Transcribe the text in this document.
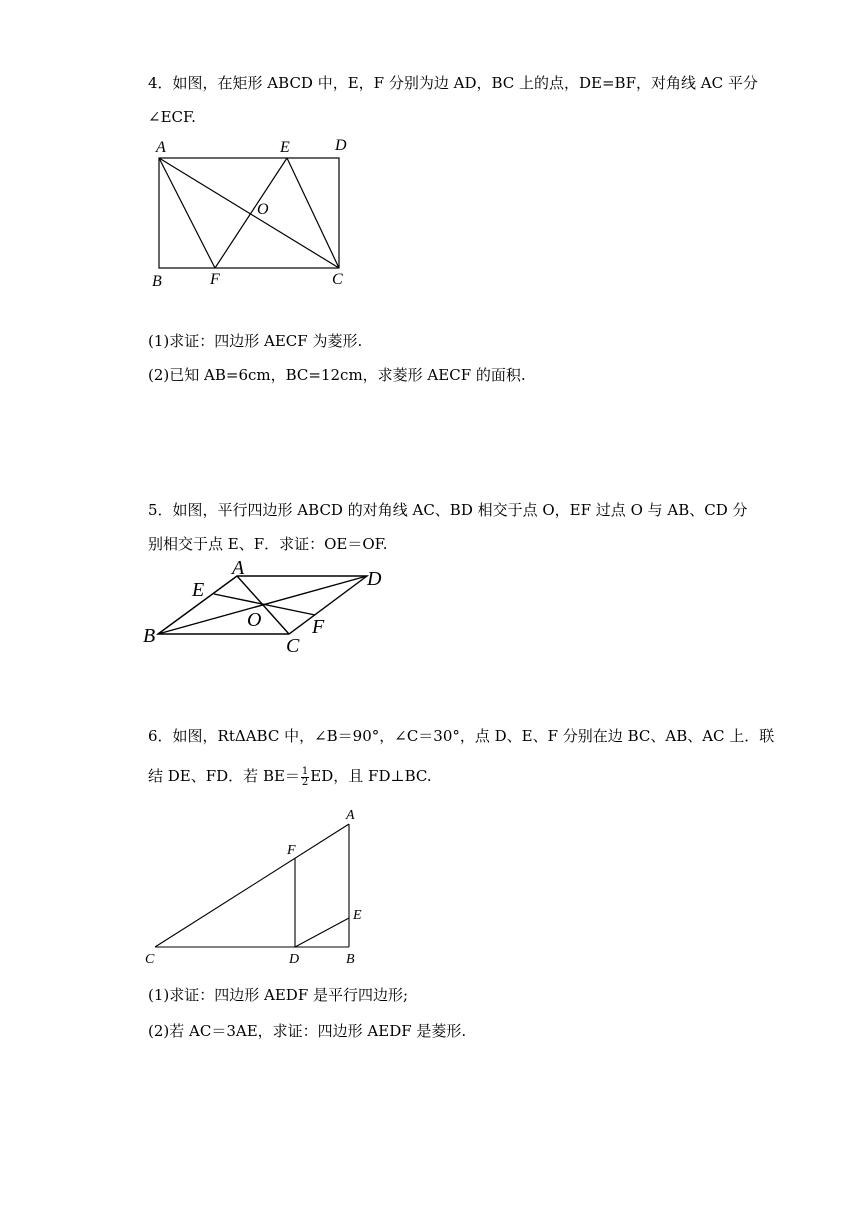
4．如图，在矩形 ABCD 中，E，F 分别为边 AD，BC 上的点，DE=BF，对角线 AC 平分
∠ECF.
A	E	D
O
B	F	C
(1)求证：四边形 AECF 为菱形.
(2)已知 AB=6cm，BC=12cm，求菱形 AECF 的面积.
5．如图，平行四边形 ABCD 的对角线 AC、BD 相交于点 O，EF 过点 O 与 AB、CD 分
别相交于点 E、F．求证：OE＝OF.
A	D
E
O	F
B	C
6．如图，RtΔABC 中，∠B＝90°，∠C＝30°，点 D、E、F 分别在边 BC、AB、AC 上．联
结 DE、FD．若 $BE= \frac{1}{2}$ ED，且 FD⊥BC.
A
F
E
C	D	B
(1)求证：四边形 AEDF 是平行四边形;
(2)若 AC＝3AE，求证：四边形 AEDF 是菱形.
